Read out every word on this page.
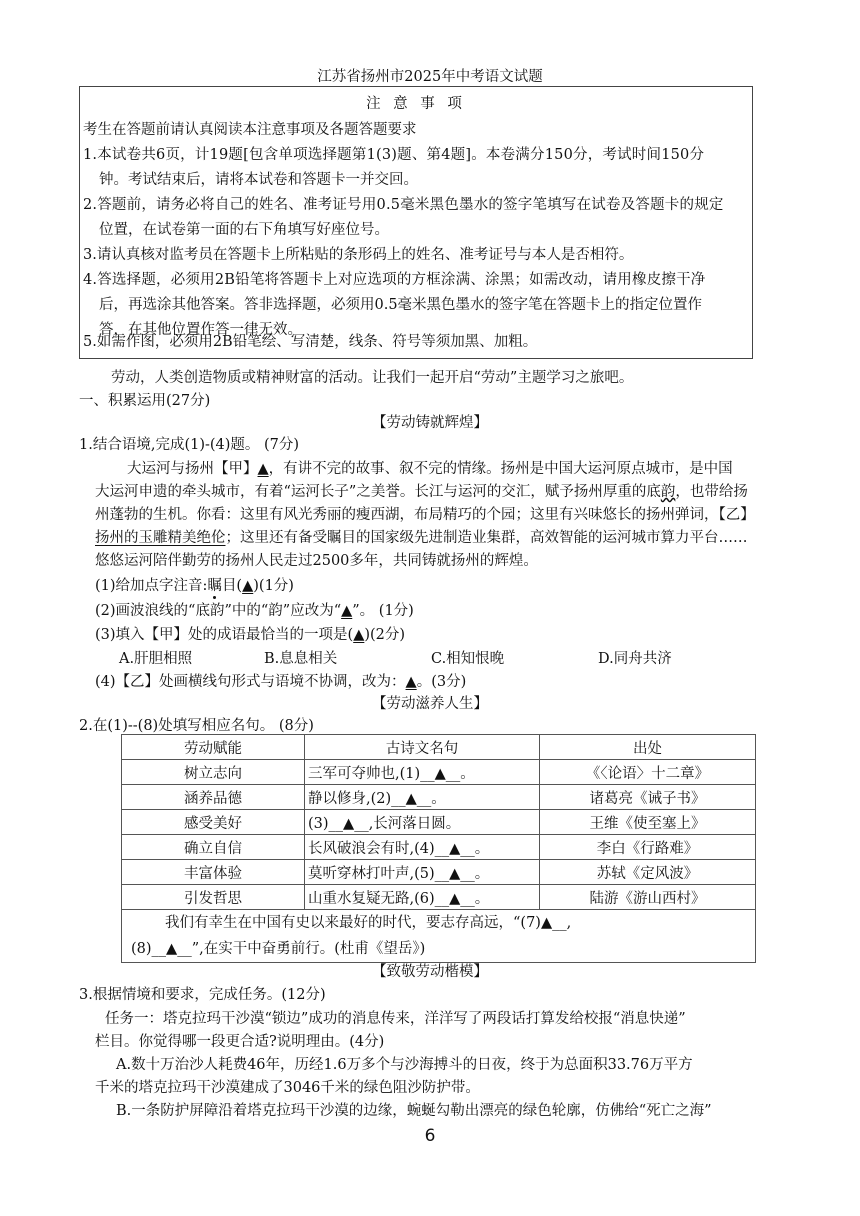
江苏省扬州市2025年中考语文试题
注 意 事 项
考生在答题前请认真阅读本注意事项及各题答题要求
1.本试卷共6页，计19题[包含单项选择题第1(3)题、第4题]。本卷满分150分，考试时间150分
钟。考试结束后，请将本试卷和答题卡一并交回。
2.答题前，请务必将自己的姓名、准考证号用0.5毫米黑色墨水的签字笔填写在试卷及答题卡的规定
位置，在试卷第一面的右下角填写好座位号。
3.请认真核对监考员在答题卡上所粘贴的条形码上的姓名、准考证号与本人是否相符。
4.答选择题，必须用2B铅笔将答题卡上对应选项的方框涂满、涂黑；如需改动，请用橡皮擦干净
后，再选涂其他答案。答非选择题，必须用0.5毫米黑色墨水的签字笔在答题卡上的指定位置作
答，在其他位置作答一律无效。
5.如需作图，必须用2B铅笔绘、写清楚，线条、符号等须加黑、加粗。
劳动，人类创造物质或精神财富的活动。让我们一起开启“劳动”主题学习之旅吧。
一、积累运用(27分)
【劳动铸就辉煌】
1.结合语境,完成(1)-(4)题。 (7分)
大运河与扬州【甲】▲，有讲不完的故事、叙不完的情缘。扬州是中国大运河原点城市，是中国
大运河申遗的牵头城市，有着“运河长子”之美誉。长江与运河的交汇，赋予扬州厚重的底韵，也带给扬
州蓬勃的生机。你看：这里有风光秀丽的瘦西湖，布局精巧的个园；这里有兴味悠长的扬州弹词，【乙】
扬州的玉雕精美绝伦；这里还有备受瞩目的国家级先进制造业集群，高效智能的运河城市算力平台……
悠悠运河陪伴勤劳的扬州人民走过2500多年，共同铸就扬州的辉煌。
(1)给加点字注音:瞩目(▲)(1分)
(2)画波浪线的“底韵”中的“韵”应改为“▲”。 (1分)
(3)填入【甲】处的成语最恰当的一项是(▲)(2分)
A.肝胆相照	B.息息相关	C.相知恨晚	D.同舟共济
(4)【乙】处画横线句形式与语境不协调，改为：▲。(3分)
【劳动滋养人生】
2.在(1)--(8)处填写相应名句。 (8分)
劳动赋能	古诗文名句	出处
树立志向	三军可夺帅也,(1)__▲__。	《〈论语〉十二章》
涵养品德	静以修身,(2)__▲__。	诸葛亮《诫子书》
感受美好	(3)__▲__,长河落日圆。	王维《使至塞上》
确立自信	长风破浪会有时,(4)__▲__。	李白《行路难》
丰富体验	莫听穿林打叶声,(5)__▲__。	苏轼《定风波》
引发哲思	山重水复疑无路,(6)__▲__。	陆游《游山西村》

我们有幸生在中国有史以来最好的时代，要志存高远，“(7)▲__,
(8)__▲__”,在实干中奋勇前行。(杜甫《望岳》)		
【致敬劳动楷模】
3.根据情境和要求，完成任务。(12分)
任务一：塔克拉玛干沙漠“锁边”成功的消息传来，洋洋写了两段话打算发给校报“消息快递”
栏目。你觉得哪一段更合适?说明理由。(4分)
A.数十万治沙人耗费46年，历经1.6万多个与沙海搏斗的日夜，终于为总面积33.76万平方
千米的塔克拉玛干沙漠建成了3046千米的绿色阻沙防护带。
B.一条防护屏障沿着塔克拉玛干沙漠的边缘，蜿蜒勾勒出漂亮的绿色轮廓，仿佛给“死亡之海”
6
